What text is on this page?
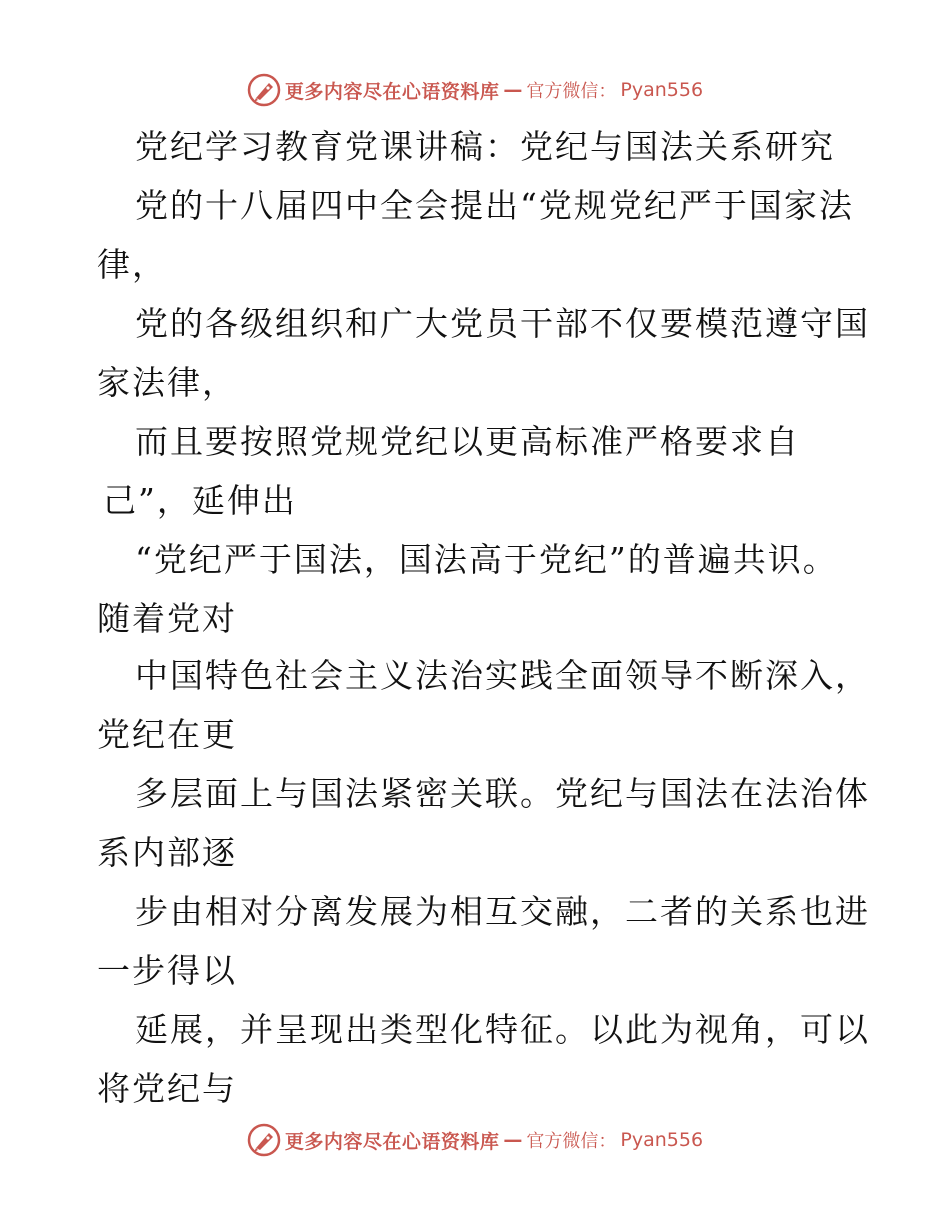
更多内容尽在心语资料库 — 官方微信： Pyan556
党纪学习教育党课讲稿：党纪与国法关系研究
党的十八届四中全会提出“党规党纪严于国家法
律，
党的各级组织和广大党员干部不仅要模范遵守国
家法律，
而且要按照党规党纪以更高标准严格要求自
己”，延伸出
“党纪严于国法，国法高于党纪”的普遍共识。
随着党对
中国特色社会主义法治实践全面领导不断深入，
党纪在更
多层面上与国法紧密关联。党纪与国法在法治体
系内部逐
步由相对分离发展为相互交融，二者的关系也进
一步得以
延展，并呈现出类型化特征。以此为视角，可以
将党纪与
更多内容尽在心语资料库 — 官方微信： Pyan556
